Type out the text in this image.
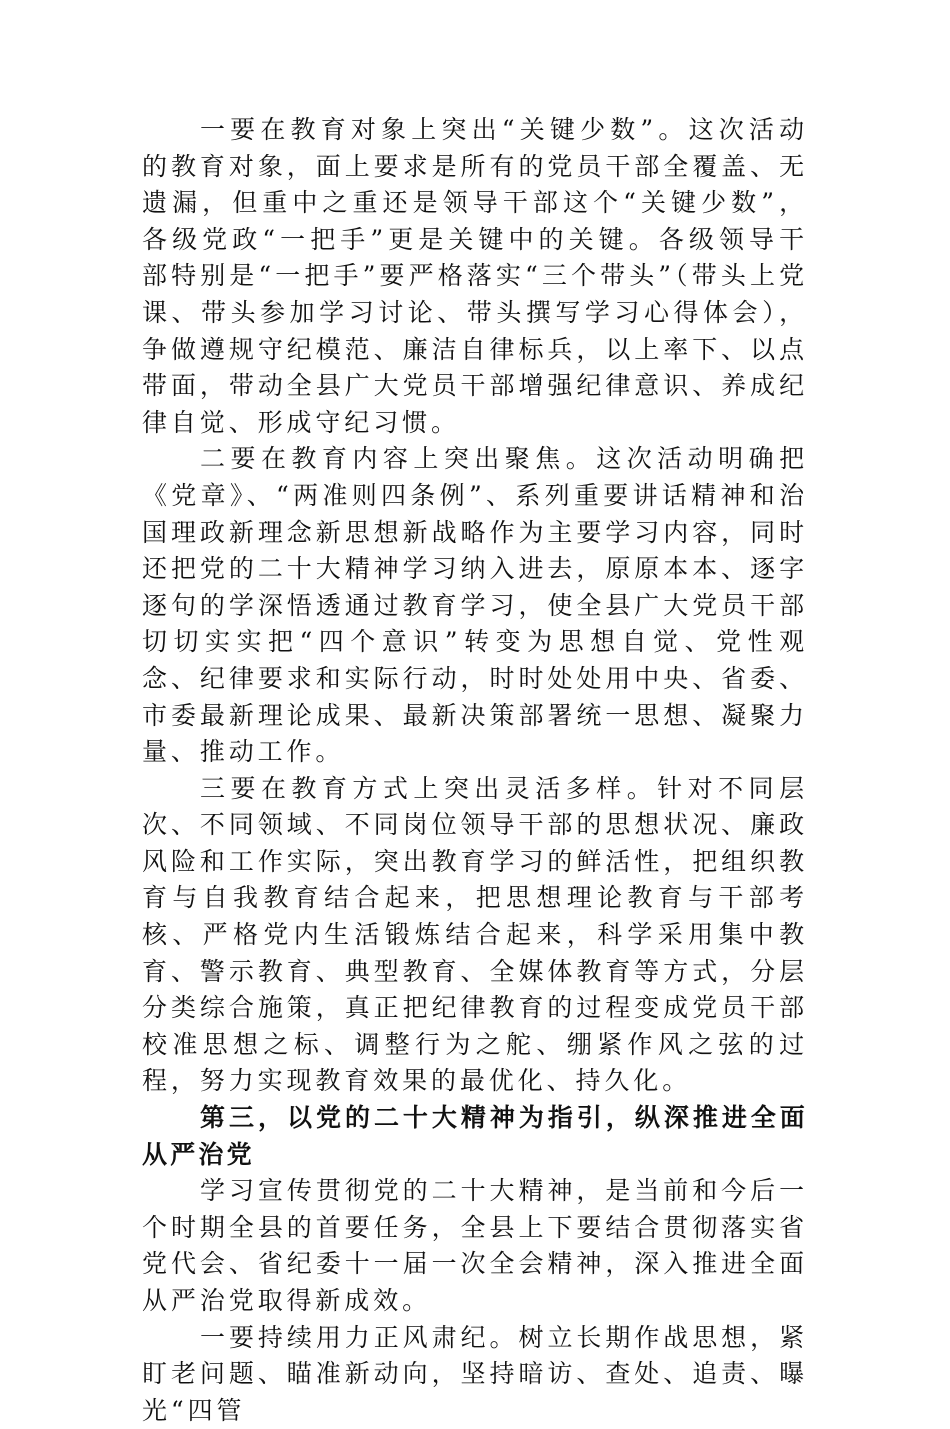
一要在教育对象上突出“关键少数”。这次活动的教育对象，面上要求是所有的党员干部全覆盖、无遗漏，但重中之重还是领导干部这个“关键少数”，各级党政“一把手”更是关键中的关键。各级领导干部特别是“一把手”要严格落实“三个带头”（带头上党课、带头参加学习讨论、带头撰写学习心得体会），争做遵规守纪模范、廉洁自律标兵，以上率下、以点带面，带动全县广大党员干部增强纪律意识、养成纪律自觉、形成守纪习惯。

二要在教育内容上突出聚焦。这次活动明确把《党章》、“两准则四条例”、系列重要讲话精神和治国理政新理念新思想新战略作为主要学习内容，同时还把党的二十大精神学习纳入进去，原原本本、逐字逐句的学深悟透通过教育学习，使全县广大党员干部切切实实把“四个意识”转变为思想自觉、党性观念、纪律要求和实际行动，时时处处用中央、省委、市委最新理论成果、最新决策部署统一思想、凝聚力量、推动工作。

三要在教育方式上突出灵活多样。针对不同层次、不同领域、不同岗位领导干部的思想状况、廉政风险和工作实际，突出教育学习的鲜活性，把组织教育与自我教育结合起来，把思想理论教育与干部考核、严格党内生活锻炼结合起来，科学采用集中教育、警示教育、典型教育、全媒体教育等方式，分层分类综合施策，真正把纪律教育的过程变成党员干部校准思想之标、调整行为之舵、绷紧作风之弦的过程，努力实现教育效果的最优化、持久化。

第三，以党的二十大精神为指引，纵深推进全面从严治党

学习宣传贯彻党的二十大精神，是当前和今后一个时期全县的首要任务，全县上下要结合贯彻落实省党代会、省纪委十一届一次全会精神，深入推进全面从严治党取得新成效。

一要持续用力正风肃纪。树立长期作战思想，紧盯老问题、瞄准新动向，坚持暗访、查处、追责、曝光“四管
